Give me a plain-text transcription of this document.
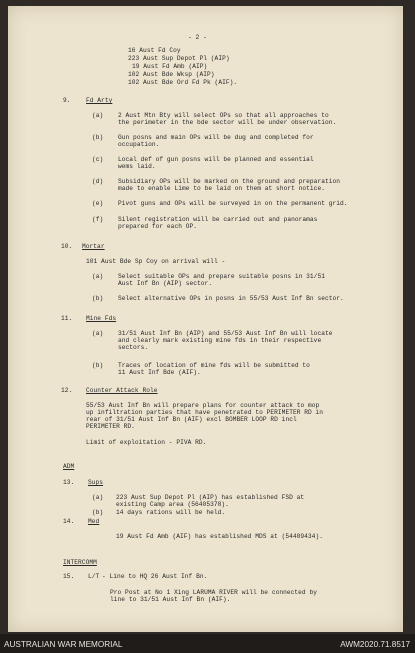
- 2 -
16 Aust Fd Coy
223 Aust Sup Depot Pl (AIP)
19 Aust Fd Amb (AIP)
102 Aust Bde Wksp (AIP)
102 Aust Bde Ord Fd Pk (AIF).
9. Fd Arty
(a) 2 Aust Mtn Bty will select OPs so that all approaches to
the perimeter in the bde sector will be under observation.
(b) Gun posns and main OPs will be dug and completed for
occupation.
(c) Local def of gun posns will be planned and essential
wems laid.
(d) Subsidiary OPs will be marked on the ground and preparation
made to enable Lime to be laid on them at short notice.
(e) Pivot guns and OPs will be surveyed in on the permanent grid.
(f) Silent registration will be carried out and panoramas
prepared for each OP.
10. Mortar
101 Aust Bde Sp Coy on arrival will -
(a) Select suitable OPs and prepare suitable posns in 31/51
Aust Inf Bn (AIP) sector.
(b) Select alternative OPs in posns in 55/53 Aust Inf Bn sector.
11. Mine Fds
(a) 31/51 Aust Inf Bn (AIP) and 55/53 Aust Inf Bn will locate
and clearly mark existing mine fds in their respective
sectors.
(b) Traces of location of mine fds will be submitted to
11 Aust Inf Bde (AIF).
12. Counter Attack Role
55/53 Aust Inf Bn will prepare plans for counter attack to mop
up infiltration parties that have penetrated to PERIMETER RD in
rear of 31/51 Aust Inf Bn (AIF) excl BOMBER LOOP RD incl
PERIMETER RD.
Limit of exploitation - PIVA RD.
ADM
13. Sups
(a) 223 Aust Sup Depot Pl (AIP) has established FSD at
existing Camp area (56405378).
(b) 14 days rations will be held.
14. Med
19 Aust Fd Amb (AIF) has established MDS at (54409434).
INTERCOMM
15. L/T - Line to HQ 26 Aust Inf Bn.
Pro Post at No 1 Xing LARUMA RIVER will be connected by
line to 31/51 Aust Inf Bn (AIF).
AUSTRALIAN WAR MEMORIAL	AWM2020.71.8517
